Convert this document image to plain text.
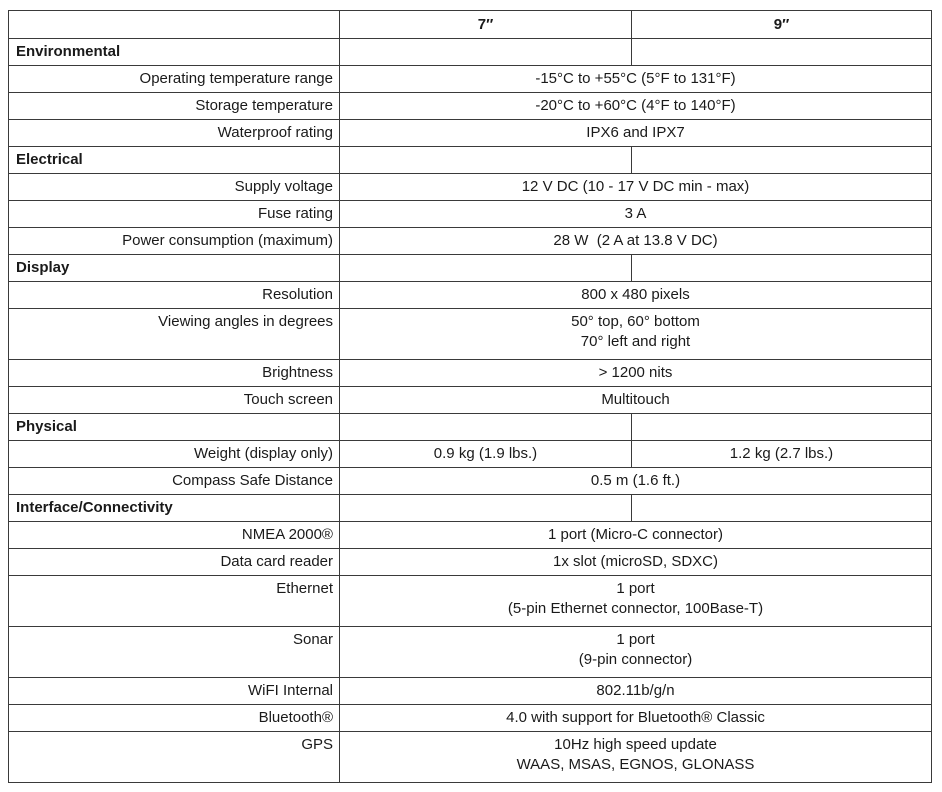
	7″	9″
Environmental		
Operating temperature range	-15°C to +55°C (5°F to 131°F)	
Storage temperature	-20°C to +60°C (4°F to 140°F)	
Waterproof rating	IPX6 and IPX7	
Electrical		
Supply voltage	12 V DC (10 - 17 V DC min - max)	
Fuse rating	3 A	
Power consumption (maximum)	28 W  (2 A at 13.8 V DC)	
Display		
Resolution	800 x 480 pixels	
Viewing angles in degrees	50° top, 60° bottom
70° left and right	

Brightness	> 1200 nits	
Touch screen	Multitouch	
Physical		
Weight (display only)	0.9 kg (1.9 lbs.)	1.2 kg (2.7 lbs.)
Compass Safe Distance	0.5 m (1.6 ft.)	
Interface/Connectivity		
NMEA 2000®	1 port (Micro-C connector)	
Data card reader	1x slot (microSD, SDXC)	
Ethernet	1 port
(5-pin Ethernet connector, 100Base-T)	

Sonar	1 port
(9-pin connector)	

WiFI Internal	802.11b/g/n	
Bluetooth®	4.0 with support for Bluetooth® Classic	
GPS	10Hz high speed update
WAAS, MSAS, EGNOS, GLONASS	
